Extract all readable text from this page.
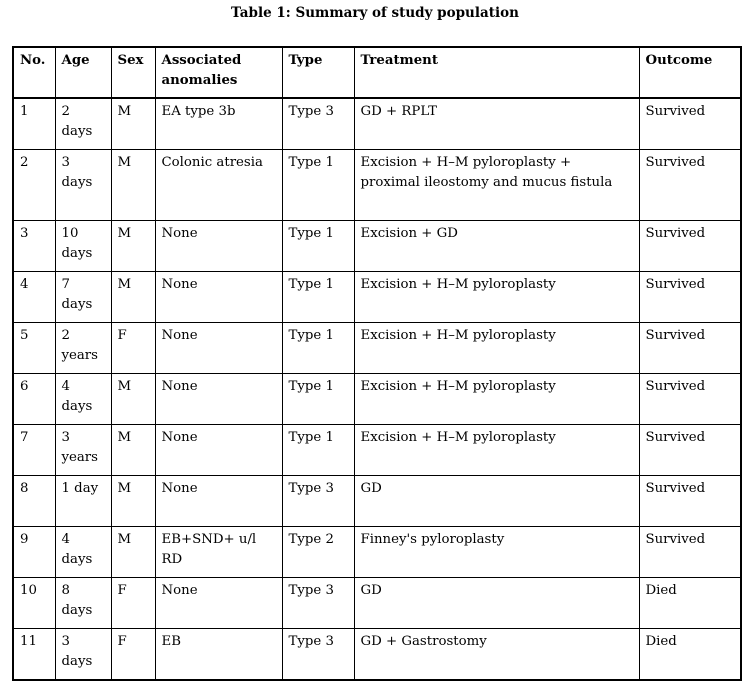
Table 1: Summary of study population
No.	Age	Sex	Associated anomalies	Type	Treatment	Outcome
1	2 days	M	EA type 3b	Type 3	GD + RPLT	Survived
2	3 days	M	Colonic atresia	Type 1	Excision + H–M pyloroplasty + proximal ileostomy and mucus fistula	Survived
3	10 days	M	None	Type 1	Excision + GD	Survived
4	7 days	M	None	Type 1	Excision + H–M pyloroplasty	Survived
5	2 years	F	None	Type 1	Excision + H–M pyloroplasty	Survived
6	4 days	M	None	Type 1	Excision + H–M pyloroplasty	Survived
7	3 years	M	None	Type 1	Excision + H–M pyloroplasty	Survived
8	1 day	M	None	Type 3	GD	Survived
9	4 days	M	EB+SND+ u/l RD	Type 2	Finney's pyloroplasty	Survived
10	8 days	F	None	Type 3	GD	Died
11	3 days	F	EB	Type 3	GD + Gastrostomy	Died
